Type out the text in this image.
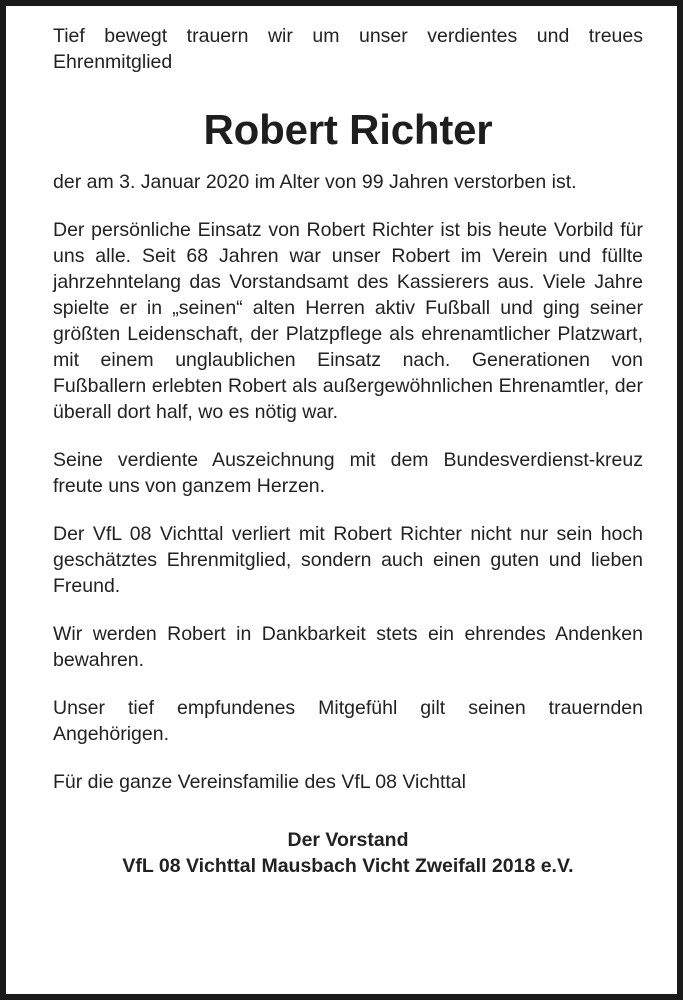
Tief bewegt trauern wir um unser verdientes und treues Ehrenmitglied

Robert Richter

der am 3. Januar 2020 im Alter von 99 Jahren verstorben ist.

Der persönliche Einsatz von Robert Richter ist bis heute Vorbild für uns alle. Seit 68 Jahren war unser Robert im Verein und füllte jahrzehntelang das Vorstandsamt des Kassierers aus. Viele Jahre spielte er in „seinen“ alten Herren aktiv Fußball und ging seiner größten Leidenschaft, der Platzpflege als ehrenamtlicher Platzwart, mit einem unglaublichen Einsatz nach. Generationen von Fußballern erlebten Robert als außergewöhnlichen Ehrenamtler, der überall dort half, wo es nötig war.

Seine verdiente Auszeichnung mit dem Bundesverdienst-kreuz freute uns von ganzem Herzen.

Der VfL 08 Vichttal verliert mit Robert Richter nicht nur sein hoch geschätztes Ehrenmitglied, sondern auch einen guten und lieben Freund.

Wir werden Robert in Dankbarkeit stets ein ehrendes Andenken bewahren.

Unser tief empfundenes Mitgefühl gilt seinen trauernden Angehörigen.

Für die ganze Vereinsfamilie des VfL 08 Vichttal

Der Vorstand
VfL 08 Vichttal Mausbach Vicht Zweifall 2018 e.V.
